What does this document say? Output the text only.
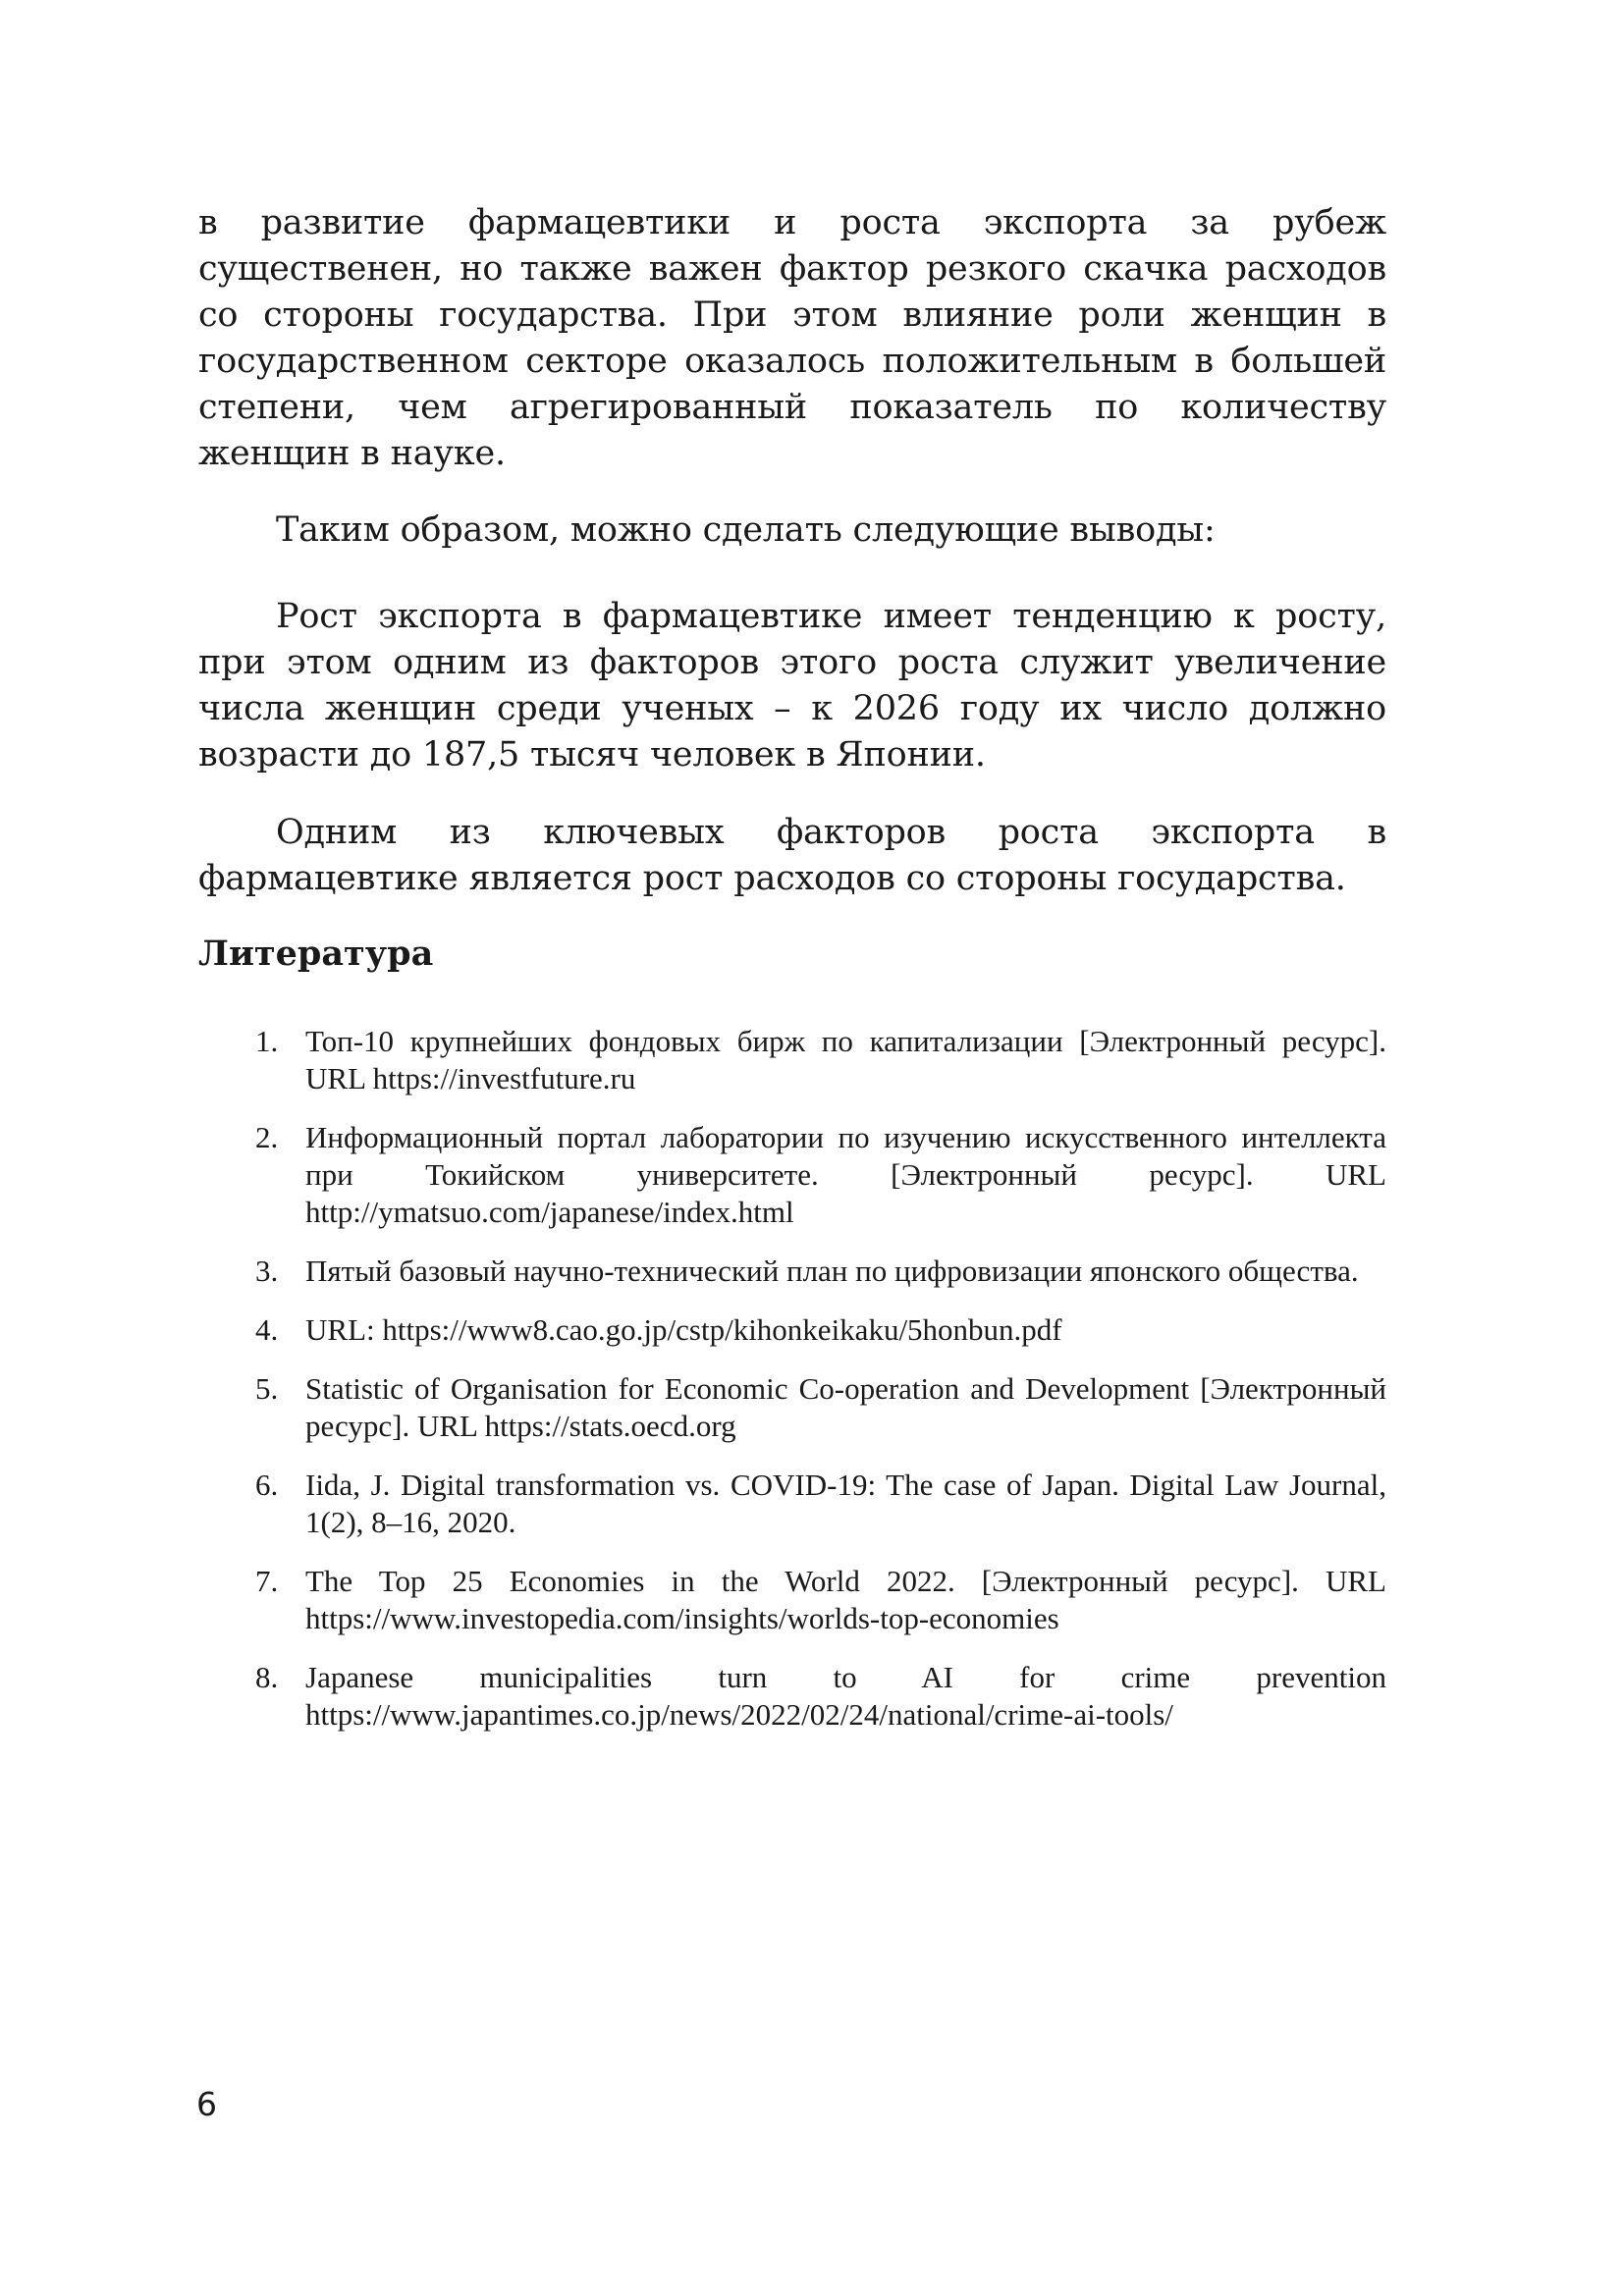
в развитие фармацевтики и роста экспорта за рубеж существенен, но также важен фактор резкого скачка расходов со стороны государства. При этом влияние роли женщин в государственном секторе оказалось положительным в большей степени, чем агрегированный показатель по количеству женщин в науке.

Таким образом, можно сделать следующие выводы:

Рост экспорта в фармацевтике имеет тенденцию к росту, при этом одним из факторов этого роста служит увеличение числа женщин среди ученых – к 2026 году их число должно возрасти до 187,5 тысяч человек в Японии.

Одним из ключевых факторов роста экспорта в фармацевтике является рост расходов со стороны государства.

Литература
1. Топ-10 крупнейших фондовых бирж по капитализации [Электронный ресурс]. URL https://investfuture.ru
2. Информационный портал лаборатории по изучению искусственного интеллекта при Токийском университете. [Электронный ресурс]. URL http://ymatsuo.com/japanese/index.html
3. Пятый базовый научно-технический план по цифровизации японского общества.
4. URL: https://www8.cao.go.jp/cstp/kihonkeikaku/5honbun.pdf
5. Statistic of Organisation for Economic Co-operation and Development [Электронный ресурс]. URL https://stats.oecd.org
6. Iida, J. Digital transformation vs. COVID-19: The case of Japan. Digital Law Journal, 1(2), 8–16, 2020.
7. The Top 25 Economies in the World 2022. [Электронный ресурс]. URL https://www.investopedia.com/insights/worlds-top-economies
8. Japanese municipalities turn to AI for crime prevention https://www.japantimes.co.jp/news/2022/02/24/national/crime-ai-tools/
6
